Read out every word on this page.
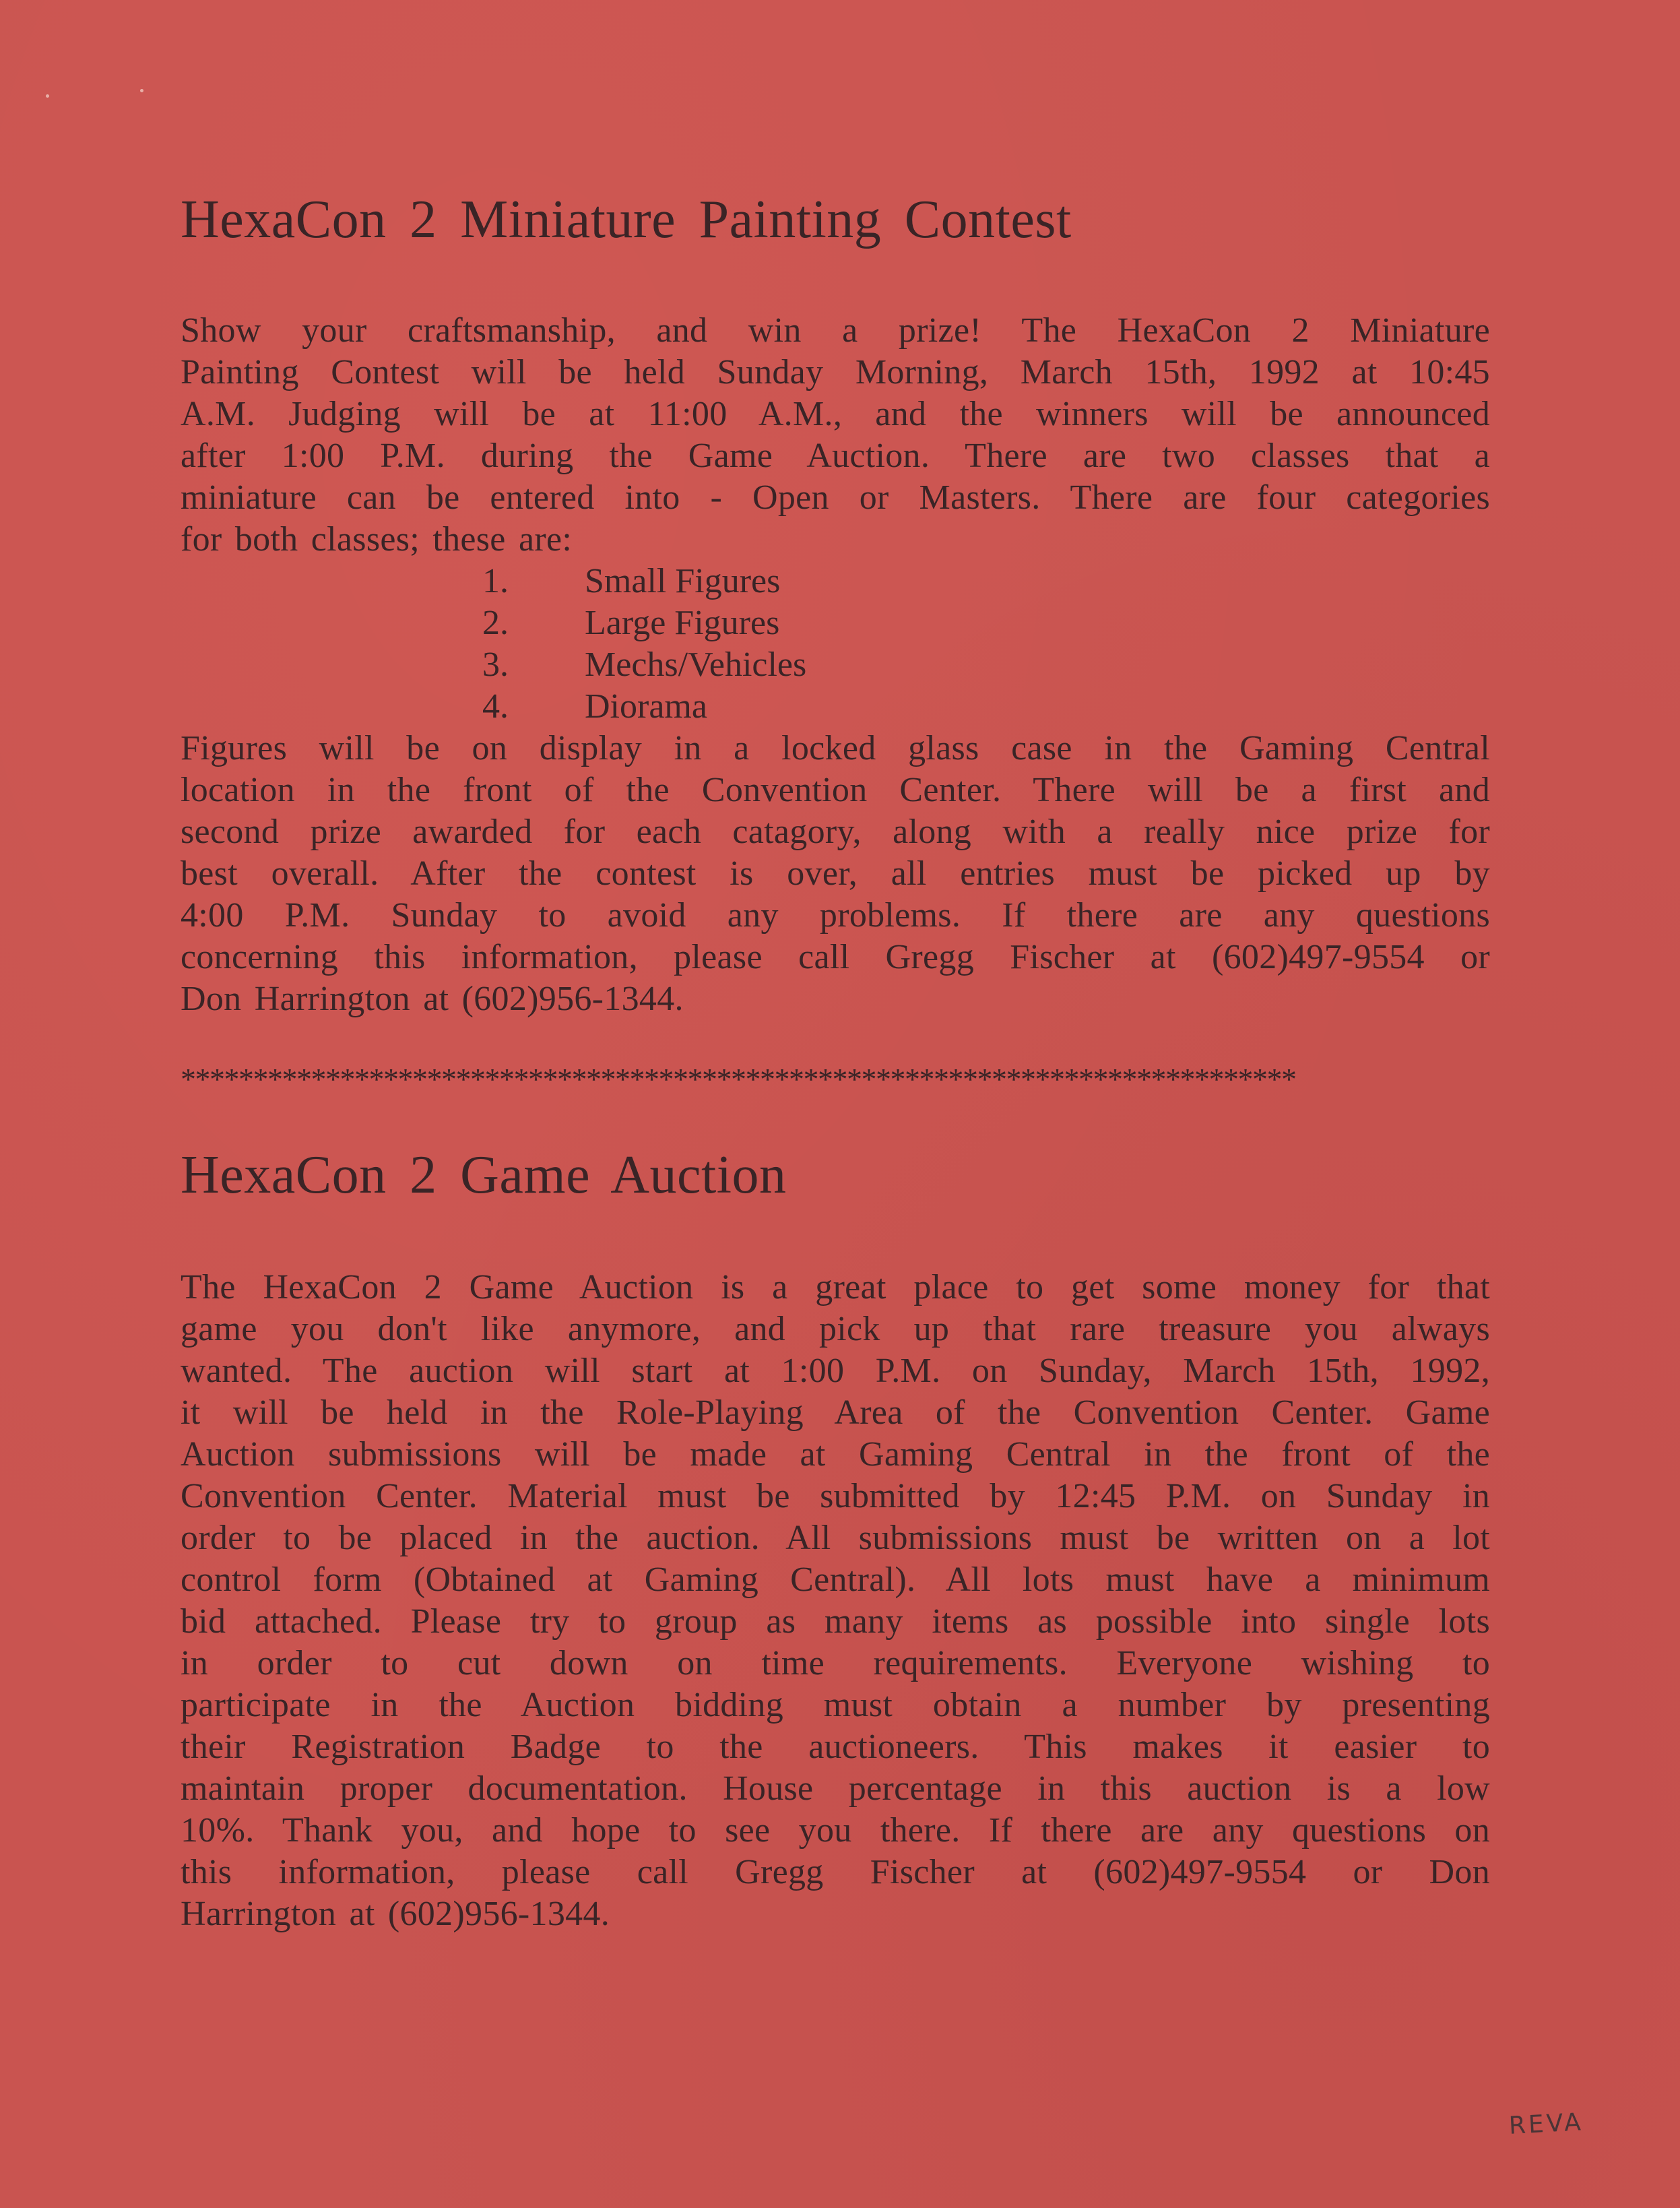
HexaCon 2 Miniature Painting Contest
Show your craftsmanship, and win a prize! The HexaCon 2 Miniature
Painting Contest will be held Sunday Morning, March 15th, 1992 at 10:45
A.M. Judging will be at 11:00 A.M., and the winners will be announced
after 1:00 P.M. during the Game Auction. There are two classes that a
miniature can be entered into - Open or Masters. There are four categories
for both classes; these are:
1. Small Figures
2. Large Figures
3. Mechs/Vehicles
4. Diorama
Figures will be on display in a locked glass case in the Gaming Central
location in the front of the Convention Center. There will be a first and
second prize awarded for each catagory, along with a really nice prize for
best overall. After the contest is over, all entries must be picked up by
4:00 P.M. Sunday to avoid any problems. If there are any questions
concerning this information, please call Gregg Fischer at (602)497-9554 or
Don Harrington at (602)956-1344.
*****************************************************************************
HexaCon 2 Game Auction
The HexaCon 2 Game Auction is a great place to get some money for that
game you don't like anymore, and pick up that rare treasure you always
wanted. The auction will start at 1:00 P.M. on Sunday, March 15th, 1992,
it will be held in the Role-Playing Area of the Convention Center. Game
Auction submissions will be made at Gaming Central in the front of the
Convention Center. Material must be submitted by 12:45 P.M. on Sunday in
order to be placed in the auction. All submissions must be written on a lot
control form (Obtained at Gaming Central). All lots must have a minimum
bid attached. Please try to group as many items as possible into single lots
in order to cut down on time requirements. Everyone wishing to
participate in the Auction bidding must obtain a number by presenting
their Registration Badge to the auctioneers. This makes it easier to
maintain proper documentation. House percentage in this auction is a low
10%. Thank you, and hope to see you there. If there are any questions on
this information, please call Gregg Fischer at (602)497-9554 or Don
Harrington at (602)956-1344.
REVA
